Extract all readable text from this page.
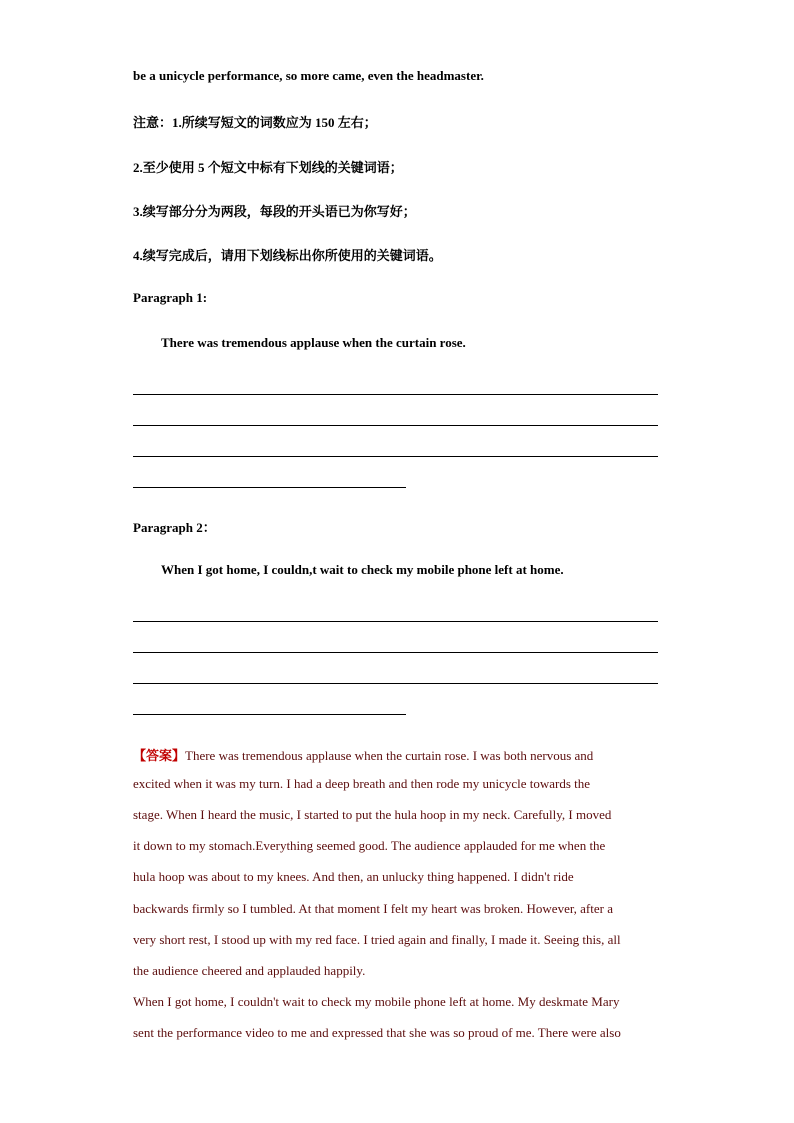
be a unicycle performance, so more came, even the headmaster.
注意：1.所续写短文的词数应为 150 左右；
2.至少使用 5 个短文中标有下划线的关键词语；
3.续写部分分为两段，每段的开头语已为你写好；
4.续写完成后，请用下划线标出你所使用的关键词语。
Paragraph 1:
There was tremendous applause when the curtain rose.
Paragraph 2：
When I got home, I couldn,t wait to check my mobile phone left at home.
【答案】There was tremendous applause when the curtain rose. I was both nervous and
excited when it was my turn. I had a deep breath and then rode my unicycle towards the
stage. When I heard the music, I started to put the hula hoop in my neck. Carefully, I moved
it down to my stomach.Everything seemed good. The audience applauded for me when the
hula hoop was about to my knees. And then, an unlucky thing happened. I didn't ride
backwards firmly so I tumbled. At that moment I felt my heart was broken. However, after a
very short rest, I stood up with my red face. I tried again and finally, I made it. Seeing this, all
the audience cheered and applauded happily.
When I got home, I couldn't wait to check my mobile phone left at home. My deskmate Mary
sent the performance video to me and expressed that she was so proud of me. There were also
